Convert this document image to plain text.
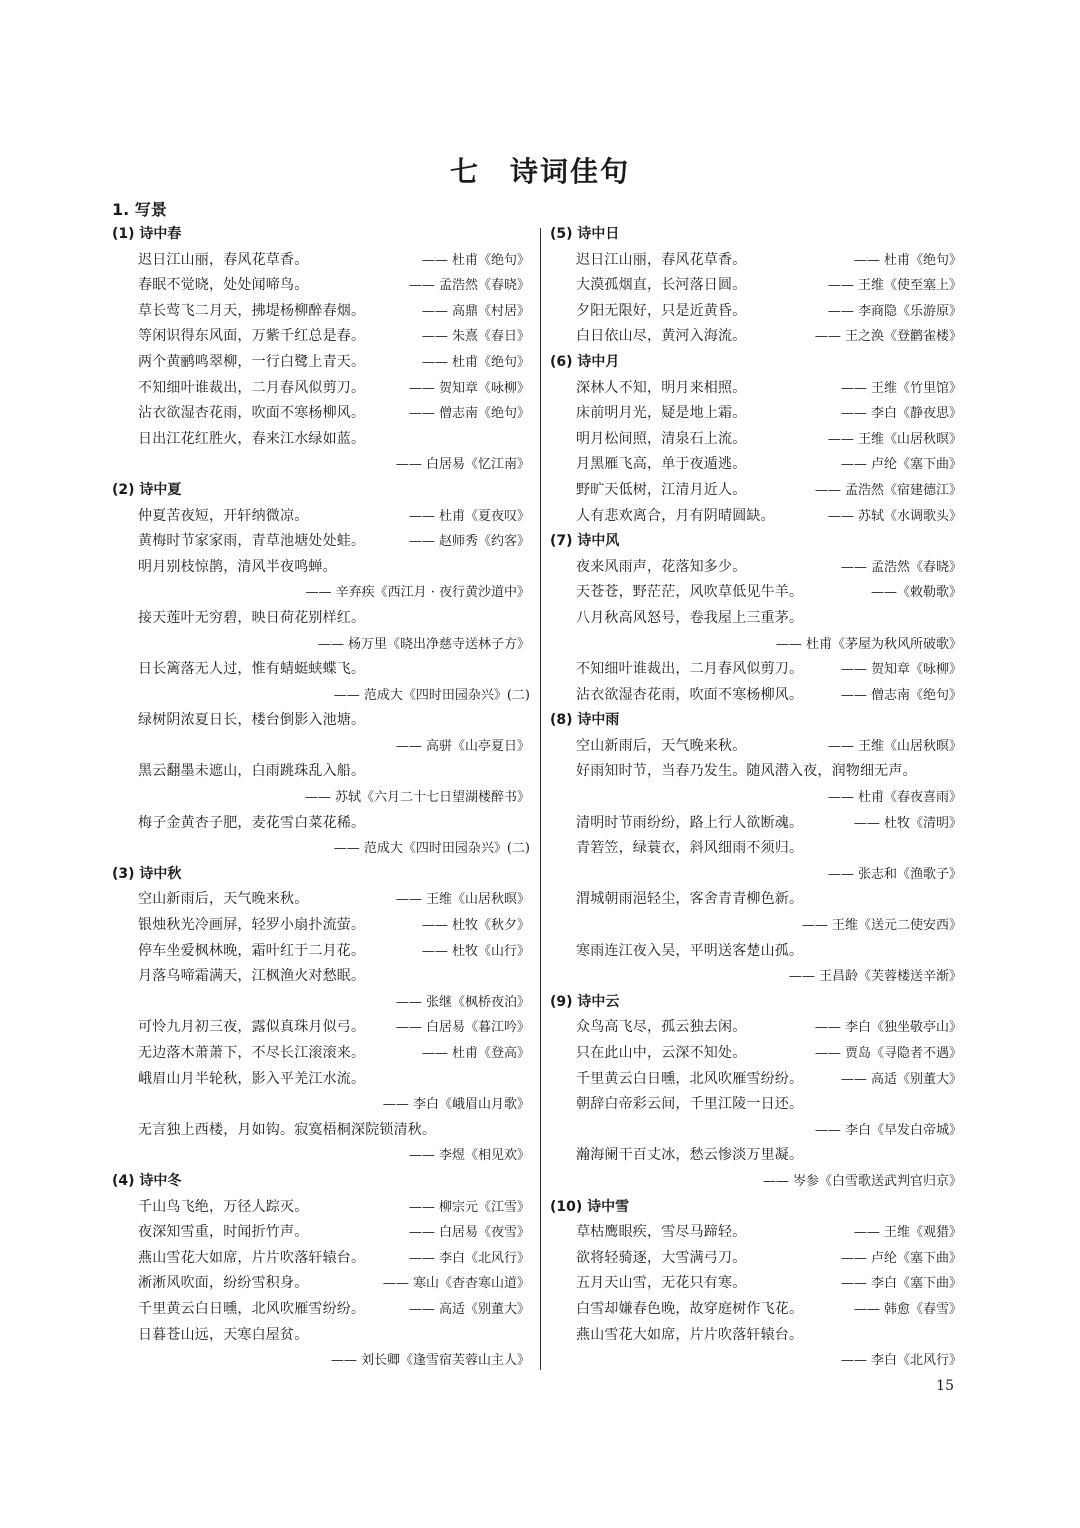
七　诗词佳句
1. 写景
(1) 诗中春
迟日江山丽，春风花草香。	—— 杜甫《绝句》
春眠不觉晓，处处闻啼鸟。	—— 孟浩然《春晓》
草长莺飞二月天，拂堤杨柳醉春烟。	—— 高鼎《村居》
等闲识得东风面，万紫千红总是春。	—— 朱熹《春日》
两个黄鹂鸣翠柳，一行白鹭上青天。	—— 杜甫《绝句》
不知细叶谁裁出，二月春风似剪刀。	—— 贺知章《咏柳》
沾衣欲湿杏花雨，吹面不寒杨柳风。	—— 僧志南《绝句》
日出江花红胜火，春来江水绿如蓝。
—— 白居易《忆江南》
(2) 诗中夏
仲夏苦夜短，开轩纳微凉。	—— 杜甫《夏夜叹》
黄梅时节家家雨，青草池塘处处蛙。	—— 赵师秀《约客》
明月别枝惊鹊，清风半夜鸣蝉。
—— 辛弃疾《西江月 · 夜行黄沙道中》
接天莲叶无穷碧，映日荷花别样红。
—— 杨万里《晓出净慈寺送林子方》
日长篱落无人过，惟有蜻蜓蛱蝶飞。
—— 范成大《四时田园杂兴》(二)
绿树阴浓夏日长，楼台倒影入池塘。
—— 高骈《山亭夏日》
黑云翻墨未遮山，白雨跳珠乱入船。
—— 苏轼《六月二十七日望湖楼醉书》
梅子金黄杏子肥，麦花雪白菜花稀。
—— 范成大《四时田园杂兴》(二)
(3) 诗中秋
空山新雨后，天气晚来秋。	—— 王维《山居秋暝》
银烛秋光冷画屏，轻罗小扇扑流萤。	—— 杜牧《秋夕》
停车坐爱枫林晚，霜叶红于二月花。	—— 杜牧《山行》
月落乌啼霜满天，江枫渔火对愁眠。
—— 张继《枫桥夜泊》
可怜九月初三夜，露似真珠月似弓。 —— 白居易《暮江吟》
无边落木萧萧下，不尽长江滚滚来。	—— 杜甫《登高》
峨眉山月半轮秋，影入平羌江水流。
—— 李白《峨眉山月歌》
无言独上西楼，月如钩。寂寞梧桐深院锁清秋。
—— 李煜《相见欢》
(4) 诗中冬
千山鸟飞绝，万径人踪灭。	—— 柳宗元《江雪》
夜深知雪重，时闻折竹声。	—— 白居易《夜雪》
燕山雪花大如席，片片吹落轩辕台。	—— 李白《北风行》
淅淅风吹面，纷纷雪积身。	—— 寒山《杳杳寒山道》
千里黄云白日曛，北风吹雁雪纷纷。	—— 高适《别董大》
日暮苍山远，天寒白屋贫。
—— 刘长卿《逢雪宿芙蓉山主人》
(5) 诗中日
迟日江山丽，春风花草香。	—— 杜甫《绝句》
大漠孤烟直，长河落日圆。	—— 王维《使至塞上》
夕阳无限好，只是近黄昏。	—— 李商隐《乐游原》
白日依山尽，黄河入海流。	—— 王之涣《登鹳雀楼》
(6) 诗中月
深林人不知，明月来相照。	—— 王维《竹里馆》
床前明月光，疑是地上霜。	—— 李白《静夜思》
明月松间照，清泉石上流。	—— 王维《山居秋暝》
月黑雁飞高，单于夜遁逃。	—— 卢纶《塞下曲》
野旷天低树，江清月近人。	—— 孟浩然《宿建德江》
人有悲欢离合，月有阴晴圆缺。	—— 苏轼《水调歌头》
(7) 诗中风
夜来风雨声，花落知多少。	—— 孟浩然《春晓》
天苍苍，野茫茫，风吹草低见牛羊。	——《敕勒歌》
八月秋高风怒号，卷我屋上三重茅。
—— 杜甫《茅屋为秋风所破歌》
不知细叶谁裁出，二月春风似剪刀。	—— 贺知章《咏柳》
沾衣欲湿杏花雨，吹面不寒杨柳风。	—— 僧志南《绝句》
(8) 诗中雨
空山新雨后，天气晚来秋。	—— 王维《山居秋暝》
好雨知时节，当春乃发生。随风潜入夜，润物细无声。
—— 杜甫《春夜喜雨》
清明时节雨纷纷，路上行人欲断魂。	—— 杜牧《清明》
青箬笠，绿蓑衣，斜风细雨不须归。
—— 张志和《渔歌子》
渭城朝雨浥轻尘，客舍青青柳色新。
—— 王维《送元二使安西》
寒雨连江夜入吴，平明送客楚山孤。
—— 王昌龄《芙蓉楼送辛渐》
(9) 诗中云
众鸟高飞尽，孤云独去闲。	—— 李白《独坐敬亭山》
只在此山中，云深不知处。	—— 贾岛《寻隐者不遇》
千里黄云白日曛，北风吹雁雪纷纷。	—— 高适《别董大》
朝辞白帝彩云间，千里江陵一日还。
—— 李白《早发白帝城》
瀚海阑干百丈冰，愁云惨淡万里凝。
—— 岑参《白雪歌送武判官归京》
(10) 诗中雪
草枯鹰眼疾，雪尽马蹄轻。	—— 王维《观猎》
欲将轻骑逐，大雪满弓刀。	—— 卢纶《塞下曲》
五月天山雪，无花只有寒。	—— 李白《塞下曲》
白雪却嫌春色晚，故穿庭树作飞花。	—— 韩愈《春雪》
燕山雪花大如席，片片吹落轩辕台。
—— 李白《北风行》
15
